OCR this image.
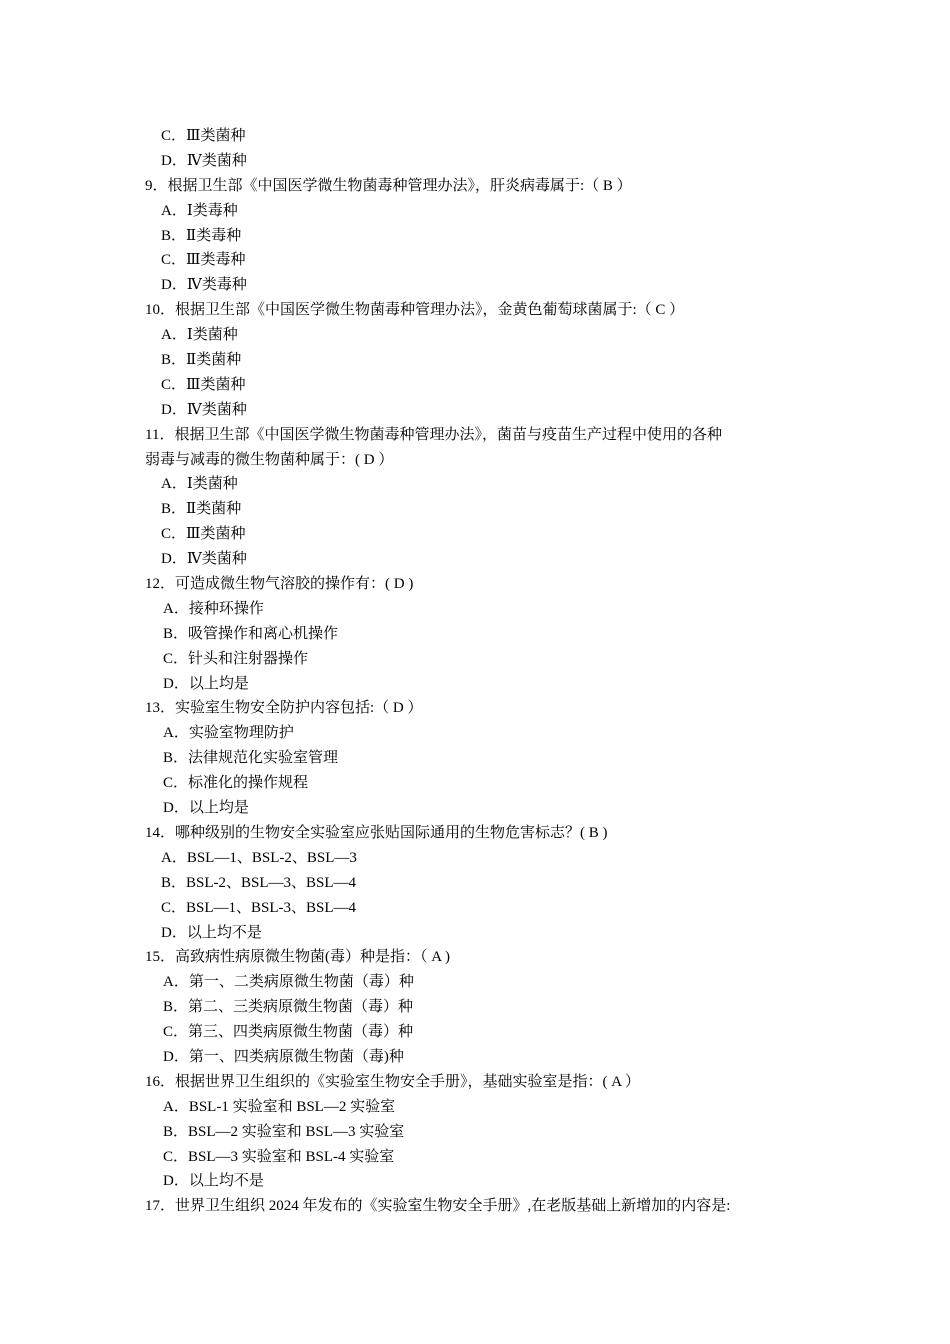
C．Ⅲ类菌种
D．Ⅳ类菌种
9．根据卫生部《中国医学微生物菌毒种管理办法》，肝炎病毒属于:（ B ）
A．Ⅰ类毒种
B．Ⅱ类毒种
C．Ⅲ类毒种
D．Ⅳ类毒种
10．根据卫生部《中国医学微生物菌毒种管理办法》，金黄色葡萄球菌属于:（ C ）
A．Ⅰ类菌种
B．Ⅱ类菌种
C．Ⅲ类菌种
D．Ⅳ类菌种
11．根据卫生部《中国医学微生物菌毒种管理办法》，菌苗与疫苗生产过程中使用的各种
弱毒与减毒的微生物菌种属于：( D ）
A．Ⅰ类菌种
B．Ⅱ类菌种
C．Ⅲ类菌种
D．Ⅳ类菌种
12．可造成微生物气溶胶的操作有：( D )
A．接种环操作
B．吸管操作和离心机操作
C．针头和注射器操作
D．以上均是
13．实验室生物安全防护内容包括:（ D ）
A．实验室物理防护
B．法律规范化实验室管理
C．标准化的操作规程
D．以上均是
14．哪种级别的生物安全实验室应张贴国际通用的生物危害标志？( B )
A．BSL—1、BSL-2、BSL—3
B．BSL-2、BSL—3、BSL—4
C．BSL—1、BSL-3、BSL—4
D．以上均不是
15．高致病性病原微生物菌(毒）种是指：（ A )
A．第一、二类病原微生物菌（毒）种
B．第二、三类病原微生物菌（毒）种
C．第三、四类病原微生物菌（毒）种
D．第一、四类病原微生物菌（毒)种
16．根据世界卫生组织的《实验室生物安全手册》，基础实验室是指：( A ）
A．BSL-1 实验室和 BSL—2 实验室
B．BSL—2 实验室和 BSL—3 实验室
C．BSL—3 实验室和 BSL-4 实验室
D．以上均不是
17．世界卫生组织 2024 年发布的《实验室生物安全手册》,在老版基础上新增加的内容是:
